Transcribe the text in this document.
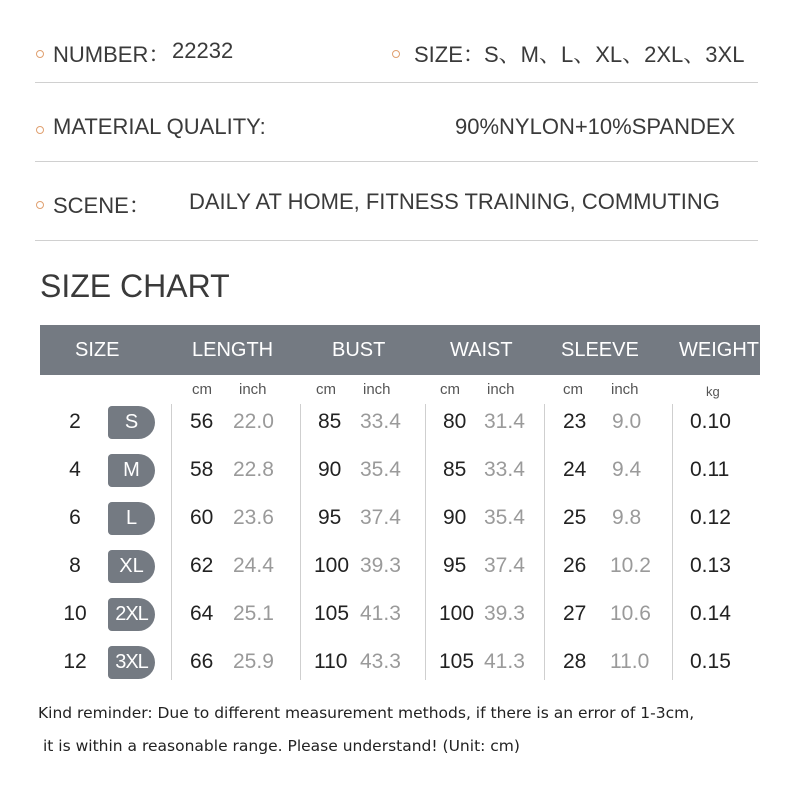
NUMBER： 22232	SIZE： S、M、L、XL、2XL、3XL
MATERIAL QUALITY:	90%NYLON+10%SPANDEX
SCENE： DAILY AT HOME, FITNESS TRAINING, COMMUTING
SIZE CHART
SIZE	LENGTH	BUST	WAIST SLEEVE WEIGHT
cm inch	cm inch	cm inch	cm inch	kg
2	S	56 22.0 85 33.4 80 31.4 23 9.0 0.10
4	M	58 22.8 90 35.4 85 33.4 24 9.4 0.11
6	L	60 23.6 95 37.4 90 35.4 25 9.8 0.12
8	XL	62 24.4 100 39.3 95 37.4 26 10.2 0.13
10	2XL	64 25.1 105 41.3 100 39.3 27 10.6 0.14
12	3XL	66 25.9 110 43.3 105 41.3 28 11.0 0.15
Kind reminder: Due to different measurement methods, if there is an error of 1-3cm,
it is within a reasonable range. Please understand! (Unit: cm)
